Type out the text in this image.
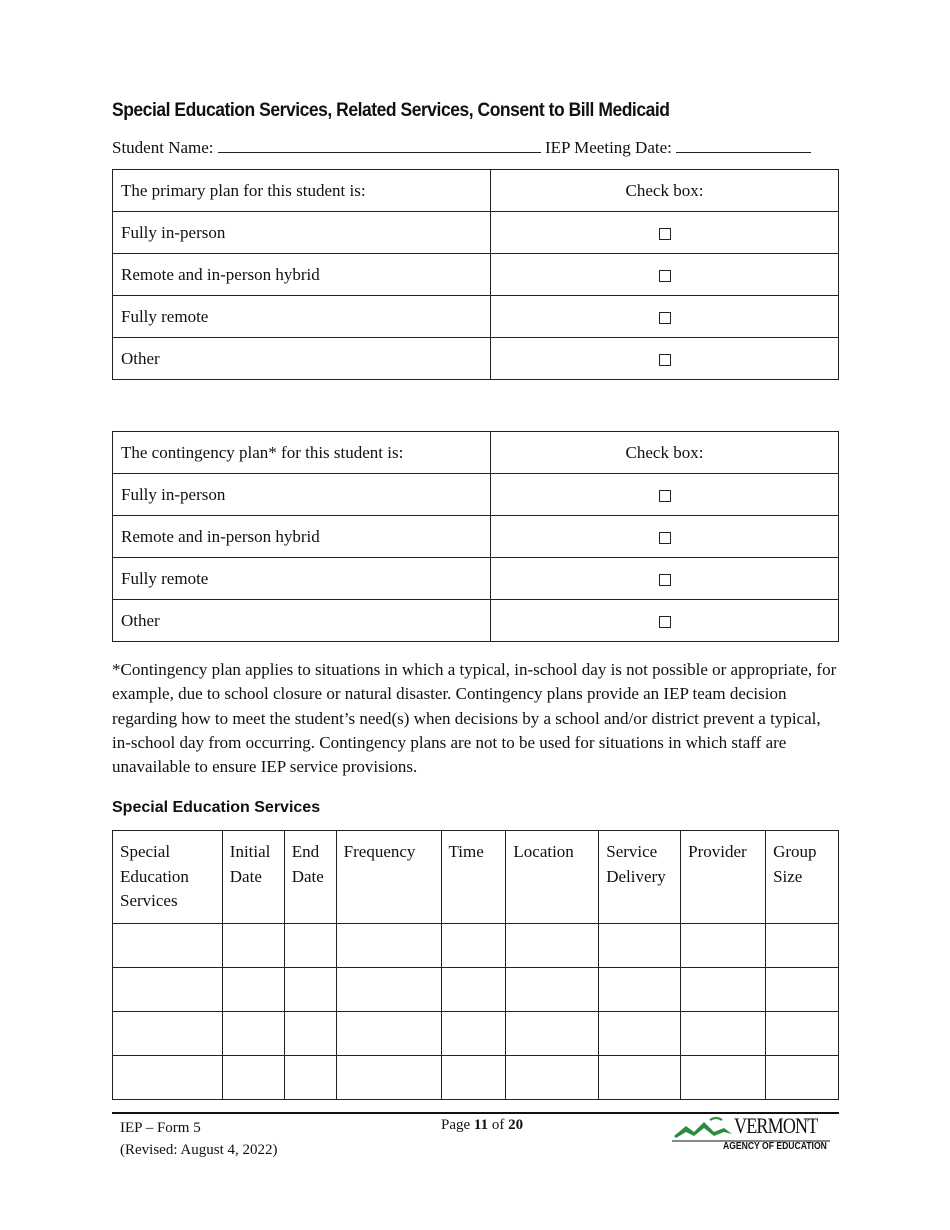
Special Education Services, Related Services, Consent to Bill Medicaid
Student Name:	IEP Meeting Date:
The primary plan for this student is:	Check box:
Fully in-person	
Remote and in-person hybrid	
Fully remote	
Other	
The contingency plan* for this student is:	Check box:
Fully in-person	
Remote and in-person hybrid	
Fully remote	
Other	
*Contingency plan applies to situations in which a typical, in-school day is not possible or appropriate, for example, due to school closure or natural disaster. Contingency plans provide an IEP team decision regarding how to meet the student’s need(s) when decisions by a school and/or district prevent a typical, in-school day from occurring. Contingency plans are not to be used for situations in which staff are unavailable to ensure IEP service provisions.
Special Education Services
Special Education Services	Initial Date	End Date	Frequency	Time	Location	Service Delivery	Provider	Group Size

IEP – Form 5
(Revised: August 4, 2022)
Page 11 of 20	VERMONT
AGENCY OF EDUCATION
